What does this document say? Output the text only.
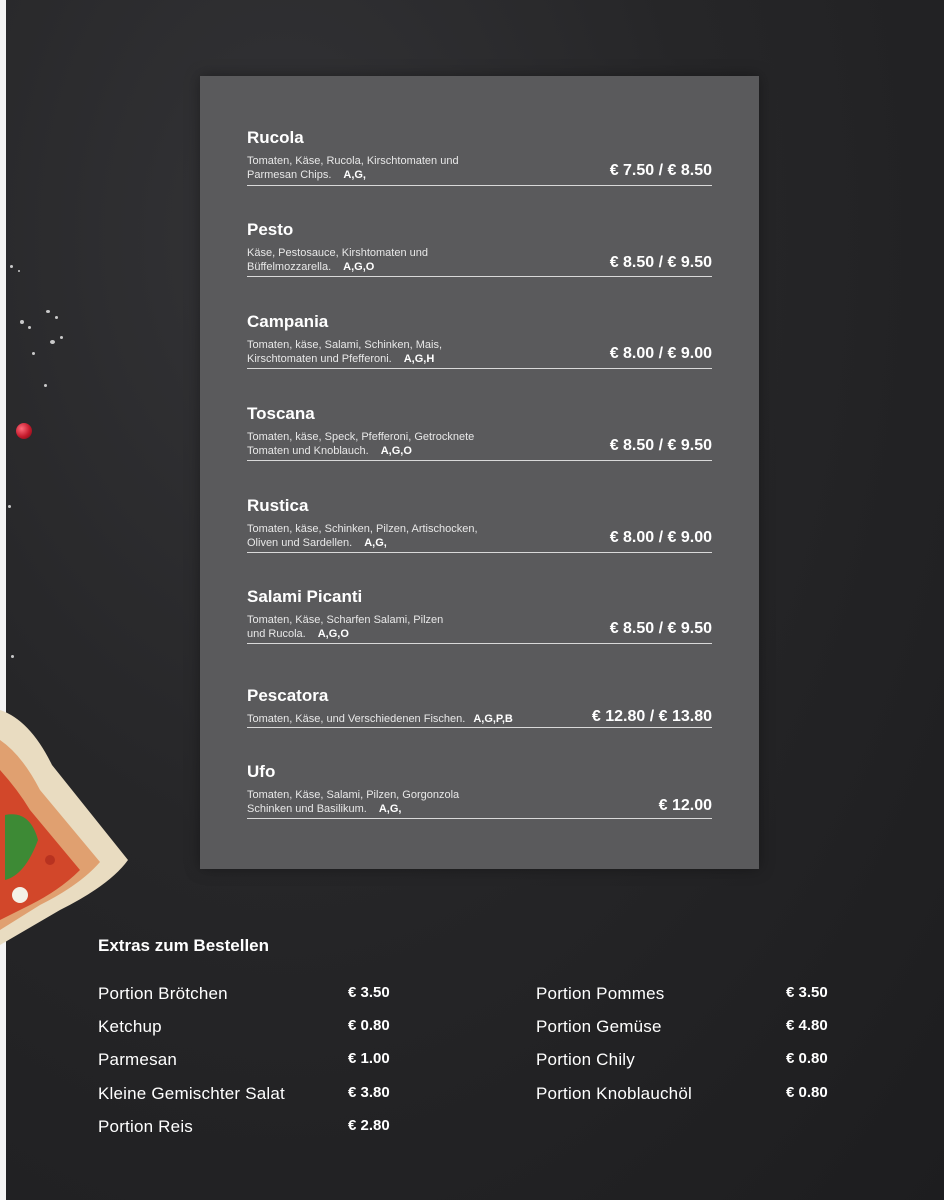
Rucola
Tomaten, Käse, Rucola, Kirschtomaten und
Parmesan Chips. A,G,	€ 7.50 / € 8.50
Pesto
Käse, Pestosauce, Kirshtomaten und
Büffelmozzarella. A,G,O	€ 8.50 / € 9.50
Campania
Tomaten, käse, Salami, Schinken, Mais,
Kirschtomaten und Pfefferoni. A,G,H	€ 8.00 / € 9.00
Toscana
Tomaten, käse, Speck, Pfefferoni, Getrocknete
Tomaten und Knoblauch. A,G,O	€ 8.50 / € 9.50
Rustica
Tomaten, käse, Schinken, Pilzen, Artischocken,
Oliven und Sardellen. A,G,	€ 8.00 / € 9.00
Salami Picanti
Tomaten, Käse, Scharfen Salami, Pilzen
und Rucola. A,G,O	€ 8.50 / € 9.50
Pescatora
Tomaten, Käse, und Verschiedenen Fischen. A,G,P,B	€ 12.80 / € 13.80
Ufo
Tomaten, Käse, Salami, Pilzen, Gorgonzola
Schinken und Basilikum. A,G,	€ 12.00
Extras zum Bestellen
Portion Brötchen	€ 3.50
Ketchup	€ 0.80
Parmesan	€ 1.00
Kleine Gemischter Salat	€ 3.80
Portion Reis	€ 2.80
Portion Pommes	€ 3.50
Portion Gemüse	€ 4.80
Portion Chily	€ 0.80
Portion Knoblauchöl	€ 0.80
